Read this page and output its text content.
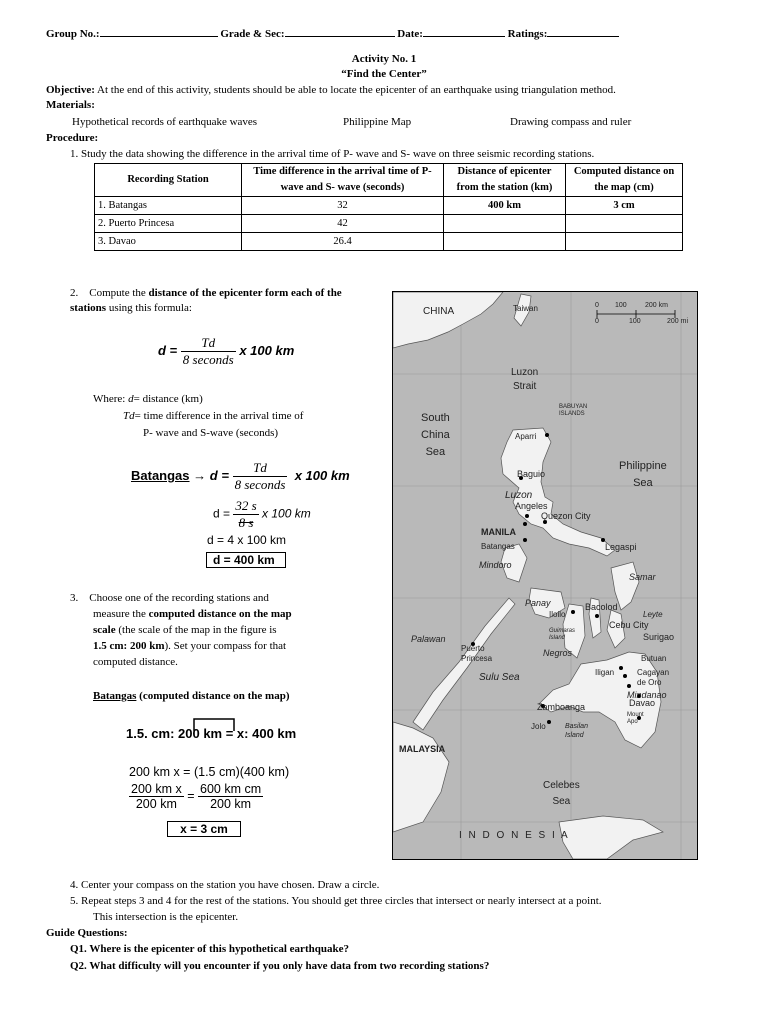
Group No.:	Grade & Sec:	Date:	Ratings:
Activity No. 1
“Find the Center”
Objective: At the end of this activity, students should be able to locate the epicenter of an earthquake using triangulation method.
Materials:
Hypothetical records of earthquake waves	Philippine Map	Drawing compass and ruler
Procedure:
1. Study the data showing the difference in the arrival time of P- wave and S- wave on three seismic recording stations.
Recording Station	Time difference in the arrival time of P- wave and S- wave (seconds)	Distance of epicenter from the station (km)	Computed distance on the map (cm)
1. Batangas	32	400 km	3 cm
2. Puerto Princesa	42		
3. Davao	26.4		
2. Compute the distance of the epicenter form each of the stations using this formula:
$d = \frac{Td}{\text{8 seconds}}$ x 100 km
Where: d= distance (km)
Td= time difference in the arrival time of
P- wave and S-wave (seconds)
Batangas → $d = \frac{Td}{\text{8 seconds}}$ x 100 km
$d = \frac{32 s}{8 s}$ x 100 km
d = 4 x 100 km
d = 400 km
3. Choose one of the recording stations and
measure the computed distance on the map
scale (the scale of the map in the figure is
1.5 cm: 200 km). Set your compass for that
computed distance.
Batangas (computed distance on the map)
1.5. cm: 200 km = x: 400 km
200 km x = (1.5 cm)(400 km)
$\frac{\text{200 km x}}{200 km} = \frac{\text{600 km cm}}{200 km}$
x = 3 cm
CHINA	Taiwan
Luzon
Strait
BABUYAN
ISLANDS
Aparri
South
China
Sea
Philippine
Sea
Baguio
Luzon
Angeles
Quezon City
MANILA
Batangas
Mindoro
Legaspi
Samar
Panay
Iloilo
Bacolod
Cebu City
Leyte
Surigao
Palawan
Guimaras
Island
Negros
Puerto
Princesa	Butuan
Sulu Sea	Iligan	Cagayan
de Oro
Mindanao
Davao
Mount
Apo
Zamboanga
Jolo	Basilan
Island
MALAYSIA
Celebes
Sea
I N D O N E S I A
0 100	200 km
0	100	200 mi
4. Center your compass on the station you have chosen. Draw a circle.
5. Repeat steps 3 and 4 for the rest of the stations. You should get three circles that intersect or nearly intersect at a point.
This intersection is the epicenter.
Guide Questions:
Q1. Where is the epicenter of this hypothetical earthquake?
Q2. What difficulty will you encounter if you only have data from two recording stations?
